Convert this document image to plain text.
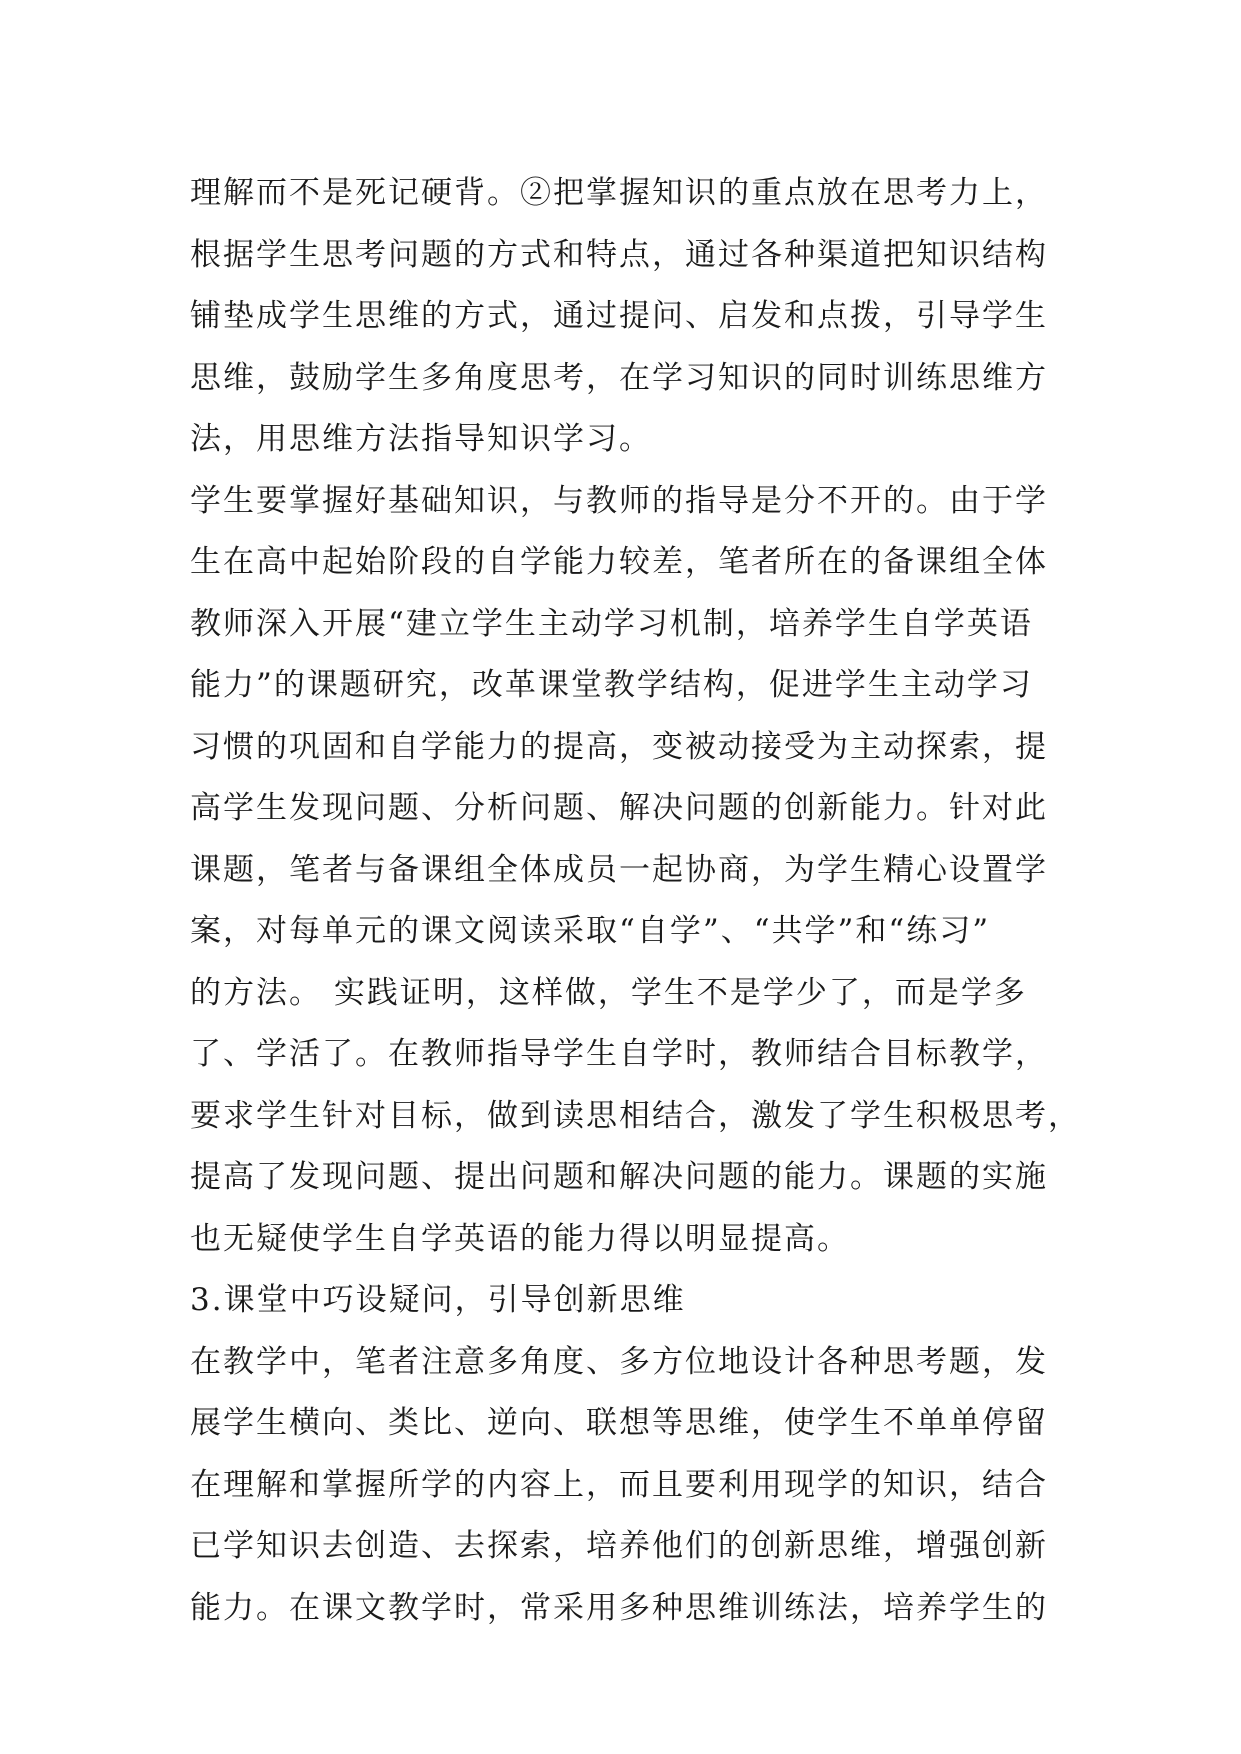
理解而不是死记硬背。②把掌握知识的重点放在思考力上，
根据学生思考问题的方式和特点，通过各种渠道把知识结构
铺垫成学生思维的方式，通过提问、启发和点拨，引导学生
思维，鼓励学生多角度思考，在学习知识的同时训练思维方
法，用思维方法指导知识学习。
学生要掌握好基础知识，与教师的指导是分不开的。由于学
生在高中起始阶段的自学能力较差，笔者所在的备课组全体
教师深入开展“建立学生主动学习机制，培养学生自学英语
能力”的课题研究，改革课堂教学结构，促进学生主动学习
习惯的巩固和自学能力的提高，变被动接受为主动探索，提
高学生发现问题、分析问题、解决问题的创新能力。针对此
课题，笔者与备课组全体成员一起协商，为学生精心设置学
案，对每单元的课文阅读采取“自学”、“共学”和“练习”
的方法。 实践证明，这样做，学生不是学少了，而是学多
了、学活了。在教师指导学生自学时，教师结合目标教学，
要求学生针对目标，做到读思相结合，激发了学生积极思考，
提高了发现问题、提出问题和解决问题的能力。课题的实施
也无疑使学生自学英语的能力得以明显提高。
3.课堂中巧设疑问，引导创新思维
在教学中，笔者注意多角度、多方位地设计各种思考题，发
展学生横向、类比、逆向、联想等思维，使学生不单单停留
在理解和掌握所学的内容上，而且要利用现学的知识，结合
已学知识去创造、去探索，培养他们的创新思维，增强创新
能力。在课文教学时，常采用多种思维训练法，培养学生的
